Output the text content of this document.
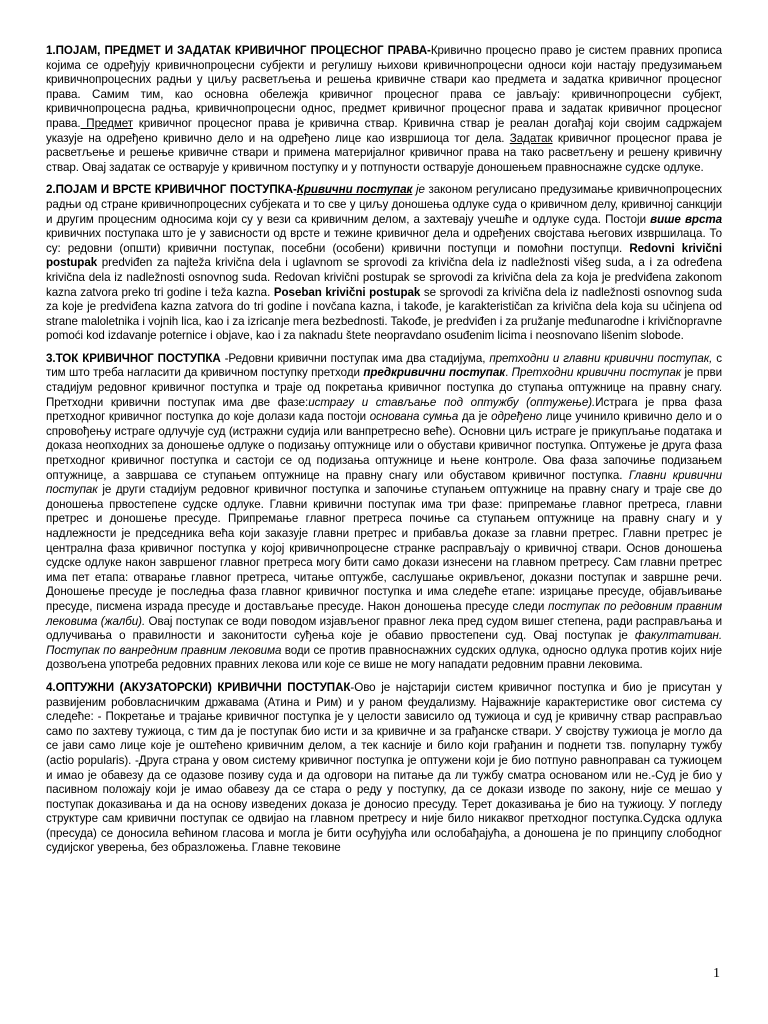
1.ПОЈАМ, ПРЕДМЕТ И ЗАДАТАК КРИВИЧНОГ ПРОЦЕСНОГ ПРАВА-Кривично процесно право је систем правних прописа којима се одређују кривичнопроцесни субјекти и регулишу њихови кривичнопроцесни односи који настају предузимањем кривичнопроцесних радњи у циљу расветљења и решења кривичне ствари као предмета и задатка кривичног процесног права. Самим тим, као основна обележја кривичног процесног права се јављају: кривичнопроцесни субјект, кривичнопроцесна радња, кривичнопроцесни однос, предмет кривичног процесног права и задатак кривичног процесног права. Предмет кривичног процесног права је кривична ствар. Кривична ствар је реалан догађај који својим садржајем указује на одређено кривично дело и на одређено лице као извршиоца тог дела. Задатак кривичног процесног права је расветљење и решење кривичне ствари и примена материјалног кривичног права на тако расветљену и решену кривичну ствар. Овај задатак се остварује у кривичном поступку и у потпуности остварује доношењем правноснажне судске одлуке.

2.ПОЈАМ И ВРСТЕ КРИВИЧНОГ ПОСТУПКА-Кривични поступак је законом регулисано предузимање кривичнопроцесних радњи од стране кривичнопроцесних субјеката и то све у циљу доношења одлуке суда о кривичном делу, кривичној санкцији и другим процесним односима који су у вези са кривичним делом, а захтевају учешће и одлуке суда. Постоји више врста кривичних поступака што је у зависности од врсте и тежине кривичног дела и одређених својстава његових извршилаца. То су: редовни (општи) кривични поступак, посебни (особени) кривични поступци и помоћни поступци. Redovni krivični postupak predviđen za najteža krivična dela i uglavnom se sprovodi za krivična dela iz nadležnosti višeg suda, a i za određena krivična dela iz nadležnosti osnovnog suda. Redovan krivični postupak se sprovodi za krivična dela za koja je predviđena zakonom kazna zatvora preko tri godine i teža kazna. Poseban krivični postupak se sprovodi za krivična dela iz nadležnosti osnovnog suda za koje je predviđena kazna zatvora do tri godine i novčana kazna, i takođe, je karakterističan za krivična dela koja su učinjena od strane maloletnika i vojnih lica, kao i za izricanje mera bezbednosti. Takođe, je predviđen i za pružanje međunarodne i krivičnopravne pomoći kod izdavanje poternice i objave, kao i za naknadu štete neopravdano osuđenim licima i neosnovano lišenim slobode.

3.ТОК КРИВИЧНОГ ПОСТУПКА -Редовни кривични поступак има два стадијума, претходни и главни кривични поступак, с тим што треба нагласити да кривичном поступку претходи предкривични поступак. Претходни кривични поступак је први стадијум редовног кривичног поступка и траје од покретања кривичног поступка до ступања оптужнице на правну снагу. Претходни кривични поступак има две фазе:истрагу и стављање под оптужбу (оптужење).Истрага је прва фаза претходног кривичног поступка до које долази када постоји основана сумња да је одређено лице учинило кривично дело и о спровођењу истраге одлучује суд (истражни судија или ванпретресно веће). Основни циљ истраге је прикупљање података и доказа неопходних за доношење одлуке о подизању оптужнице или о обустави кривичног поступка. Оптужење је друга фаза претходног кривичног поступка и састоји се од подизања оптужнице и њене контроле. Ова фаза започиње подизањем оптужнице, а завршава се ступањем оптужнице на правну снагу или обуставом кривичног поступка. Главни кривични поступак је други стадијум редовног кривичног поступка и започиње ступањем оптужнице на правну снагу и траје све до доношења првостепене судске одлуке. Главни кривични поступак има три фазе: припремање главног претреса, главни претрес и доношење пресуде. Припремање главног претреса почиње са ступањем оптужнице на правну снагу и у надлежности је председника већа који заказује главни претрес и прибавља доказе за главни претрес. Главни претрес је централна фаза кривичног поступка у којој кривичнопроцесне странке расправљају о кривичној ствари. Основ доношења судске одлуке након завршеног главног претреса могу бити само докази изнесени на главном претресу. Сам главни претрес има пет етапа: отварање главног претреса, читање оптужбе, саслушање окривљеног, доказни поступак и завршне речи. Доношење пресуде је последња фаза главног кривичног поступка и има следеће етапе: изрицање пресуде, објављивање пресуде, писмена израда пресуде и достављање пресуде. Након доношења пресуде следи поступак по редовним правним лековима (жалби). Овај поступак се води поводом изјављеног правног лека пред судом вишег степена, ради расправљања и одлучивања о правилности и законитости суђења које је обавио првостепени суд. Овај поступак је факултативан. Поступак по ванредним правним лековима води се против правноснажних судских одлука, односно одлука против којих није дозвољена употреба редовних правних лекова или које се више не могу нападати редовним правни лековима.

4.ОПТУЖНИ (АКУЗАТОРСКИ) КРИВИЧНИ ПОСТУПАК-Ово је најстарији систем кривичног поступка и био је присутан у развијеним робовласничким државама (Атина и Рим) и у раном феудализму. Најважније карактеристике овог система су следеће: - Покретање и трајање кривичног поступка је у целости зависило од тужиоца и суд је кривичну ствар расправљао само по захтеву тужиоца, с тим да је поступак био исти и за кривичне и за грађанске ствари. У својству тужиоца је могло да се јави само лице које је оштећено кривичним делом, а тек касније и било који грађанин и поднети тзв. популарну тужбу (actio popularis). -Друга страна у овом систему кривичног поступка је оптужени који је био потпуно равноправан са тужиоцем и имао је обавезу да се одазове позиву суда и да одговори на питање да ли тужбу сматра основаном или не.-Суд је био у пасивном положају који је имао обавезу да се стара о реду у поступку, да се докази изводе по закону, није се мешао у поступак доказивања и да на основу изведених доказа је доносио пресуду. Терет доказивања је био на тужиоцу. У погледу структуре сам кривични поступак се одвијао на главном претресу и није било никаквог претходног поступка.Судска одлука (пресуда) се доносила већином гласова и могла је бити осуђујућа или ослобађајућа, а доношена је по принципу слободног судијског уверења, без образложења. Главне тековине

1
